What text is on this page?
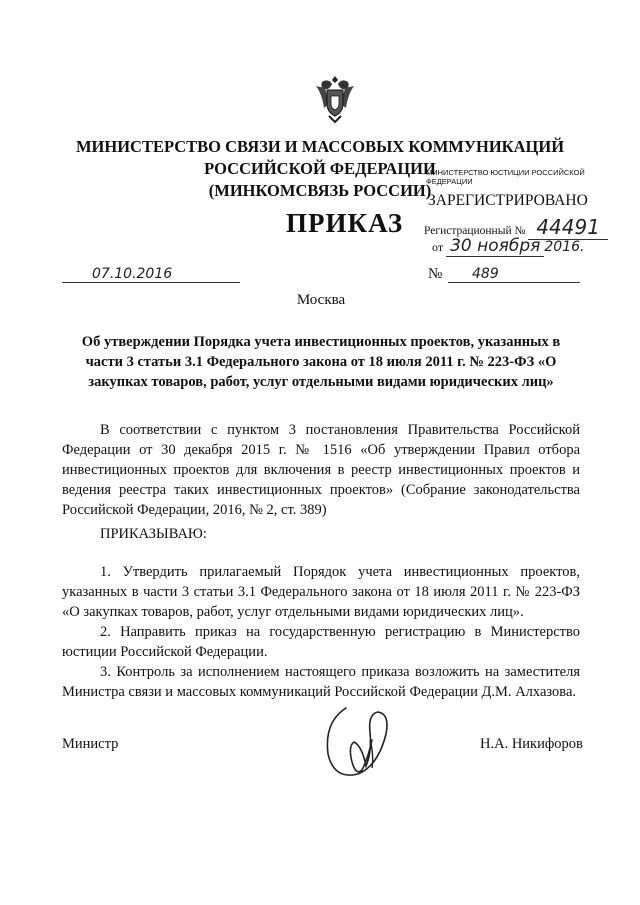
МИНИСТЕРСТВО СВЯЗИ И МАССОВЫХ КОММУНИКАЦИЙ
РОССИЙСКОЙ ФЕДЕРАЦИИ
(МИНКОМСВЯЗЬ РОССИИ)
ПРИКАЗ
МИНИСТЕРСТВО ЮСТИЦИИ РОССИЙСКОЙ ФЕДЕРАЦИИ
ЗАРЕГИСТРИРОВАНО
Регистрационный № 44491
от 30 ноября 2016.
07.10.2016	№	489
Москва
Об утверждении Порядка учета инвестиционных проектов, указанных в части 3 статьи 3.1 Федерального закона от 18 июля 2011 г. № 223-ФЗ «О закупках товаров, работ, услуг отдельными видами юридических лиц»
В соответствии с пунктом 3 постановления Правительства Российской Федерации от 30 декабря 2015 г. № 1516 «Об утверждении Правил отбора инвестиционных проектов для включения в реестр инвестиционных проектов и ведения реестра таких инвестиционных проектов» (Собрание законодательства Российской Федерации, 2016, № 2, ст. 389)
ПРИКАЗЫВАЮ:
1. Утвердить прилагаемый Порядок учета инвестиционных проектов, указанных в части 3 статьи 3.1 Федерального закона от 18 июля 2011 г. № 223-ФЗ «О закупках товаров, работ, услуг отдельными видами юридических лиц».
2. Направить приказ на государственную регистрацию в Министерство юстиции Российской Федерации.
3. Контроль за исполнением настоящего приказа возложить на заместителя Министра связи и массовых коммуникаций Российской Федерации Д.М. Алхазова.
Министр	Н.А. Никифоров
